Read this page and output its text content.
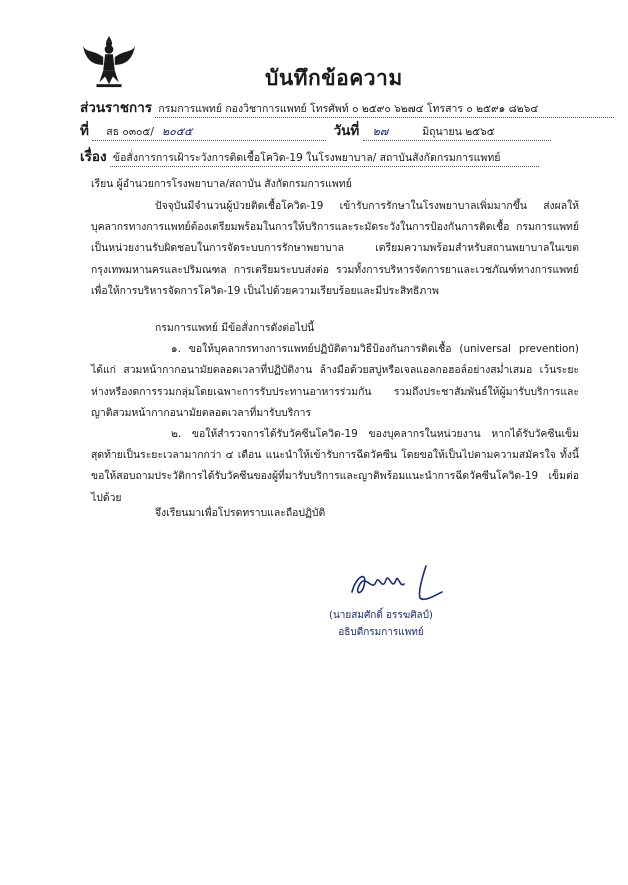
บันทึกข้อความ
ส่วนราชการ กรมการแพทย์ กองวิชาการแพทย์ โทรศัพท์ ๐ ๒๕๙๐ ๖๒๗๔ โทรสาร ๐ ๒๕๙๑ ๘๒๖๔
ที่ สธ ๐๓๐๕/ ๒๐๕๕	วันที่ ๒๗	มิถุนายน ๒๕๖๕
เรื่อง ข้อสั่งการการเฝ้าระวังการติดเชื้อโควิด-19 ในโรงพยาบาล/ สถาบันสังกัดกรมการแพทย์
เรียน ผู้อำนวยการโรงพยาบาล/สถาบัน สังกัดกรมการแพทย์
ปัจจุบันมีจำนวนผู้ป่วยติดเชื้อโควิด-19 เข้ารับการรักษาในโรงพยาบาลเพิ่มมากขึ้น ส่งผลให้บุคลากรทางการแพทย์ต้องเตรียมพร้อมในการให้บริการและระมัดระวังในการป้องกันการติดเชื้อ กรมการแพทย์เป็นหน่วยงานรับผิดชอบในการจัดระบบการรักษาพยาบาล เตรียมความพร้อมสำหรับสถานพยาบาลในเขตกรุงเทพมหานครและปริมณฑล การเตรียมระบบส่งต่อ รวมทั้งการบริหารจัดการยาและเวชภัณฑ์ทางการแพทย์เพื่อให้การบริหารจัดการโควิด-19 เป็นไปด้วยความเรียบร้อยและมีประสิทธิภาพ
กรมการแพทย์ มีข้อสั่งการดังต่อไปนี้
๑. ขอให้บุคลากรทางการแพทย์ปฏิบัติตามวิธีป้องกันการติดเชื้อ (universal prevention) ได้แก่ สวมหน้ากากอนามัยตลอดเวลาที่ปฏิบัติงาน ล้างมือด้วยสบู่หรือเจลแอลกอฮอล์อย่างสม่ำเสมอ เว้นระยะห่างหรืองดการรวมกลุ่มโดยเฉพาะการรับประทานอาหารร่วมกัน รวมถึงประชาสัมพันธ์ให้ผู้มารับบริการและญาติสวมหน้ากากอนามัยตลอดเวลาที่มารับบริการ
๒. ขอให้สำรวจการได้รับวัคซีนโควิด-19 ของบุคลากรในหน่วยงาน หากได้รับวัคซีนเข็มสุดท้ายเป็นระยะเวลามากกว่า ๔ เดือน แนะนำให้เข้ารับการฉีดวัคซีน โดยขอให้เป็นไปตามความสมัครใจ ทั้งนี้ ขอให้สอบถามประวัติการได้รับวัคซีนของผู้ที่มารับบริการและญาติพร้อมแนะนำการฉีดวัคซีนโควิด-19 เข็มต่อไปด้วย
จึงเรียนมาเพื่อโปรดทราบและถือปฏิบัติ
(นายสมศักดิ์ อรรฆศิลป์)
อธิบดีกรมการแพทย์
